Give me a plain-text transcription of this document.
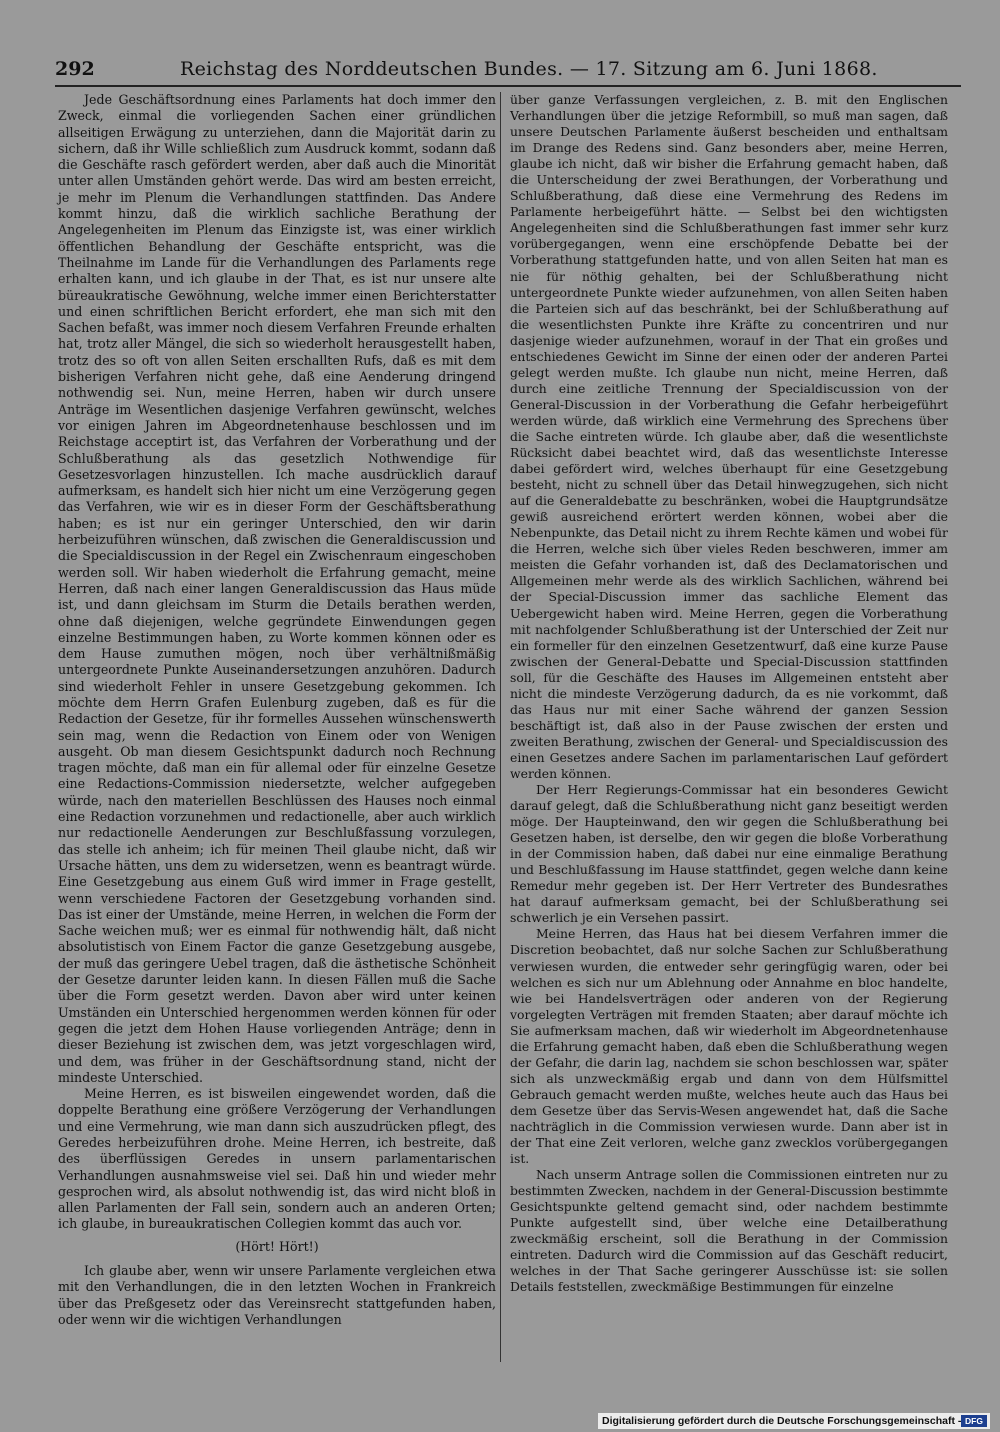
292	Reichstag des Norddeutschen Bundes. — 17. Sitzung am 6. Juni 1868.

Jede Geschäftsordnung eines Parlaments hat doch immer den Zweck, einmal die vorliegenden Sachen einer gründlichen allseitigen Erwägung zu unterziehen, dann die Majorität darin zu sichern, daß ihr Wille schließlich zum Ausdruck kommt, sodann daß die Geschäfte rasch gefördert werden, aber daß auch die Minorität unter allen Umständen gehört werde. Das wird am besten erreicht, je mehr im Plenum die Verhandlungen stattfinden. Das Andere kommt hinzu, daß die wirklich sachliche Berathung der Angelegenheiten im Plenum das Einzigste ist, was einer wirklich öffentlichen Behandlung der Geschäfte entspricht, was die Theilnahme im Lande für die Verhandlungen des Parlaments rege erhalten kann, und ich glaube in der That, es ist nur unsere alte büreaukratische Gewöhnung, welche immer einen Berichterstatter und einen schriftlichen Bericht erfordert, ehe man sich mit den Sachen befaßt, was immer noch diesem Verfahren Freunde erhalten hat, trotz aller Mängel, die sich so wiederholt herausgestellt haben, trotz des so oft von allen Seiten erschallten Rufs, daß es mit dem bisherigen Verfahren nicht gehe, daß eine Aenderung dringend nothwendig sei. Nun, meine Herren, haben wir durch unsere Anträge im Wesentlichen dasjenige Verfahren gewünscht, welches vor einigen Jahren im Abgeordnetenhause beschlossen und im Reichstage acceptirt ist, das Verfahren der Vorberathung und der Schlußberathung als das gesetzlich Nothwendige für Gesetzesvorlagen hinzustellen. Ich mache ausdrücklich darauf aufmerksam, es handelt sich hier nicht um eine Verzögerung gegen das Verfahren, wie wir es in dieser Form der Geschäftsberathung haben; es ist nur ein geringer Unterschied, den wir darin herbeizuführen wünschen, daß zwischen die Generaldiscussion und die Specialdiscussion in der Regel ein Zwischenraum eingeschoben werden soll. Wir haben wiederholt die Erfahrung gemacht, meine Herren, daß nach einer langen Generaldiscussion das Haus müde ist, und dann gleichsam im Sturm die Details berathen werden, ohne daß diejenigen, welche gegründete Einwendungen gegen einzelne Bestimmungen haben, zu Worte kommen können oder es dem Hause zumuthen mögen, noch über verhältnißmäßig untergeordnete Punkte Auseinandersetzungen anzuhören. Dadurch sind wiederholt Fehler in unsere Gesetzgebung gekommen. Ich möchte dem Herrn Grafen Eulenburg zugeben, daß es für die Redaction der Gesetze, für ihr formelles Aussehen wünschenswerth sein mag, wenn die Redaction von Einem oder von Wenigen ausgeht. Ob man diesem Gesichtspunkt dadurch noch Rechnung tragen möchte, daß man ein für allemal oder für einzelne Gesetze eine Redactions-Commission niedersetzte, welcher aufgegeben würde, nach den materiellen Beschlüssen des Hauses noch einmal eine Redaction vorzunehmen und redactionelle, aber auch wirklich nur redactionelle Aenderungen zur Beschlußfassung vorzulegen, das stelle ich anheim; ich für meinen Theil glaube nicht, daß wir Ursache hätten, uns dem zu widersetzen, wenn es beantragt würde. Eine Gesetzgebung aus einem Guß wird immer in Frage gestellt, wenn verschiedene Factoren der Gesetzgebung vorhanden sind. Das ist einer der Umstände, meine Herren, in welchen die Form der Sache weichen muß; wer es einmal für nothwendig hält, daß nicht absolutistisch von Einem Factor die ganze Gesetzgebung ausgebe, der muß das geringere Uebel tragen, daß die ästhetische Schönheit der Gesetze darunter leiden kann. In diesen Fällen muß die Sache über die Form gesetzt werden. Davon aber wird unter keinen Umständen ein Unterschied hergenommen werden können für oder gegen die jetzt dem Hohen Hause vorliegenden Anträge; denn in dieser Beziehung ist zwischen dem, was jetzt vorgeschlagen wird, und dem, was früher in der Geschäftsordnung stand, nicht der mindeste Unterschied.

Meine Herren, es ist bisweilen eingewendet worden, daß die doppelte Berathung eine größere Verzögerung der Verhandlungen und eine Vermehrung, wie man dann sich auszudrücken pflegt, des Geredes herbeizuführen drohe. Meine Herren, ich bestreite, daß des überflüssigen Geredes in unsern parlamentarischen Verhandlungen ausnahmsweise viel sei. Daß hin und wieder mehr gesprochen wird, als absolut nothwendig ist, das wird nicht bloß in allen Parlamenten der Fall sein, sondern auch an anderen Orten; ich glaube, in bureaukratischen Collegien kommt das auch vor.

(Hört! Hört!)

Ich glaube aber, wenn wir unsere Parlamente vergleichen etwa mit den Verhandlungen, die in den letzten Wochen in Frankreich über das Preßgesetz oder das Vereinsrecht stattgefunden haben, oder wenn wir die wichtigen Verhandlungen

über ganze Verfassungen vergleichen, z. B. mit den Englischen Verhandlungen über die jetzige Reformbill, so muß man sagen, daß unsere Deutschen Parlamente äußerst bescheiden und enthaltsam im Drange des Redens sind. Ganz besonders aber, meine Herren, glaube ich nicht, daß wir bisher die Erfahrung gemacht haben, daß die Unterscheidung der zwei Berathungen, der Vorberathung und Schlußberathung, daß diese eine Vermehrung des Redens im Parlamente herbeigeführt hätte. — Selbst bei den wichtigsten Angelegenheiten sind die Schlußberathungen fast immer sehr kurz vorübergegangen, wenn eine erschöpfende Debatte bei der Vorberathung stattgefunden hatte, und von allen Seiten hat man es nie für nöthig gehalten, bei der Schlußberathung nicht untergeordnete Punkte wieder aufzunehmen, von allen Seiten haben die Parteien sich auf das beschränkt, bei der Schlußberathung auf die wesentlichsten Punkte ihre Kräfte zu concentriren und nur dasjenige wieder aufzunehmen, worauf in der That ein großes und entschiedenes Gewicht im Sinne der einen oder der anderen Partei gelegt werden mußte. Ich glaube nun nicht, meine Herren, daß durch eine zeitliche Trennung der Specialdiscussion von der General-Discussion in der Vorberathung die Gefahr herbeigeführt werden würde, daß wirklich eine Vermehrung des Sprechens über die Sache eintreten würde. Ich glaube aber, daß die wesentlichste Rücksicht dabei beachtet wird, daß das wesentlichste Interesse dabei gefördert wird, welches überhaupt für eine Gesetzgebung besteht, nicht zu schnell über das Detail hinwegzugehen, sich nicht auf die Generaldebatte zu beschränken, wobei die Hauptgrundsätze gewiß ausreichend erörtert werden können, wobei aber die Nebenpunkte, das Detail nicht zu ihrem Rechte kämen und wobei für die Herren, welche sich über vieles Reden beschweren, immer am meisten die Gefahr vorhanden ist, daß des Declamatorischen und Allgemeinen mehr werde als des wirklich Sachlichen, während bei der Special-Discussion immer das sachliche Element das Uebergewicht haben wird. Meine Herren, gegen die Vorberathung mit nachfolgender Schlußberathung ist der Unterschied der Zeit nur ein formeller für den einzelnen Gesetzentwurf, daß eine kurze Pause zwischen der General-Debatte und Special-Discussion stattfinden soll, für die Geschäfte des Hauses im Allgemeinen entsteht aber nicht die mindeste Verzögerung dadurch, da es nie vorkommt, daß das Haus nur mit einer Sache während der ganzen Session beschäftigt ist, daß also in der Pause zwischen der ersten und zweiten Berathung, zwischen der General- und Specialdiscussion des einen Gesetzes andere Sachen im parlamentarischen Lauf gefördert werden können.

Der Herr Regierungs-Commissar hat ein besonderes Gewicht darauf gelegt, daß die Schlußberathung nicht ganz beseitigt werden möge. Der Haupteinwand, den wir gegen die Schlußberathung bei Gesetzen haben, ist derselbe, den wir gegen die bloße Vorberathung in der Commission haben, daß dabei nur eine einmalige Berathung und Beschlußfassung im Hause stattfindet, gegen welche dann keine Remedur mehr gegeben ist. Der Herr Vertreter des Bundesrathes hat darauf aufmerksam gemacht, bei der Schlußberathung sei schwerlich je ein Versehen passirt.

Meine Herren, das Haus hat bei diesem Verfahren immer die Discretion beobachtet, daß nur solche Sachen zur Schlußberathung verwiesen wurden, die entweder sehr geringfügig waren, oder bei welchen es sich nur um Ablehnung oder Annahme en bloc handelte, wie bei Handelsverträgen oder anderen von der Regierung vorgelegten Verträgen mit fremden Staaten; aber darauf möchte ich Sie aufmerksam machen, daß wir wiederholt im Abgeordnetenhause die Erfahrung gemacht haben, daß eben die Schlußberathung wegen der Gefahr, die darin lag, nachdem sie schon beschlossen war, später sich als unzweckmäßig ergab und dann von dem Hülfsmittel Gebrauch gemacht werden mußte, welches heute auch das Haus bei dem Gesetze über das Servis-Wesen angewendet hat, daß die Sache nachträglich in die Commission verwiesen wurde. Dann aber ist in der That eine Zeit verloren, welche ganz zwecklos vorübergegangen ist.

Nach unserm Antrage sollen die Commissionen eintreten nur zu bestimmten Zwecken, nachdem in der General-Discussion bestimmte Gesichtspunkte geltend gemacht sind, oder nachdem bestimmte Punkte aufgestellt sind, über welche eine Detailberathung zweckmäßig erscheint, soll die Berathung in der Commission eintreten. Dadurch wird die Commission auf das Geschäft reducirt, welches in der That Sache geringerer Ausschüsse ist: sie sollen Details feststellen, zweckmäßige Bestimmungen für einzelne

Digitalisierung gefördert durch die Deutsche Forschungsgemeinschaft - DFG
